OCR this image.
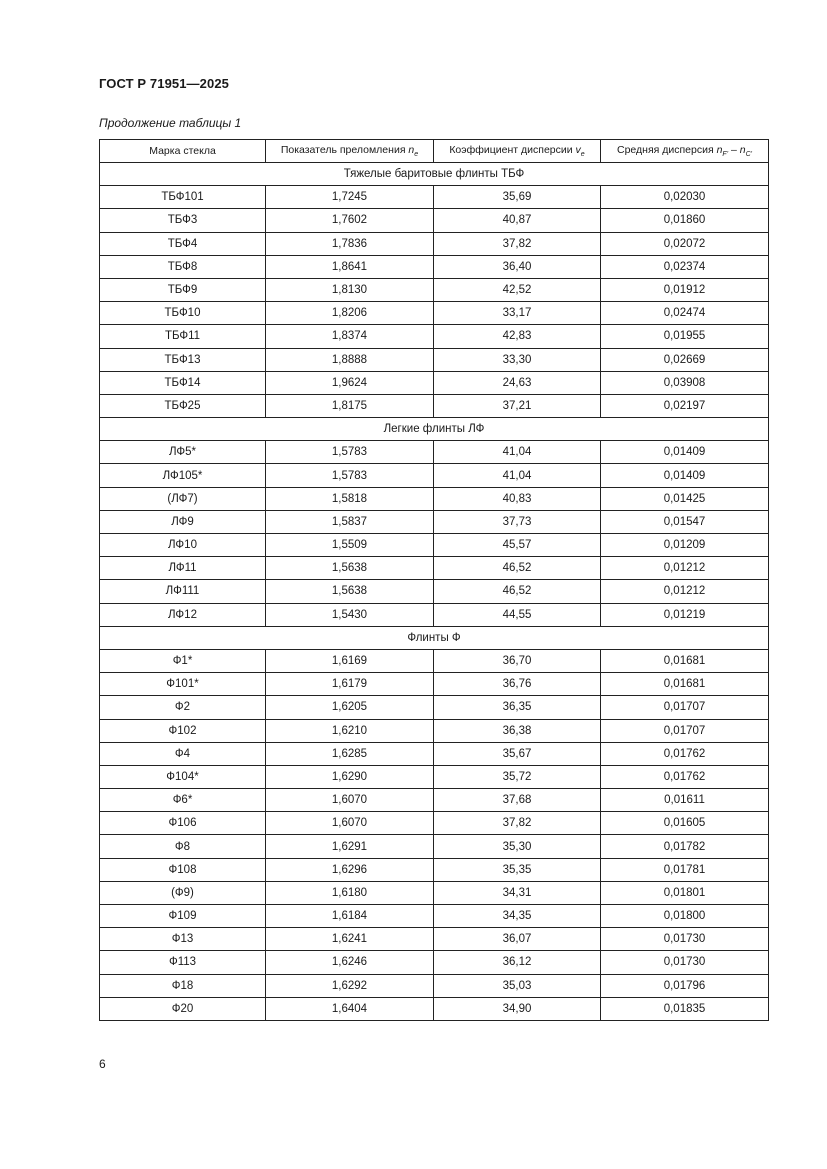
ГОСТ Р 71951—2025
Продолжение таблицы 1
Марка стекла	Показатель преломления $n_e$	Коэффициент дисперсии $v_e$	Средняя дисперсия $n_{F'} - n_{C'}$
Тяжелые баритовые флинты ТБФ			
ТБФ101	1,7245	35,69	0,02030
ТБФ3	1,7602	40,87	0,01860
ТБФ4	1,7836	37,82	0,02072
ТБФ8	1,8641	36,40	0,02374
ТБФ9	1,8130	42,52	0,01912
ТБФ10	1,8206	33,17	0,02474
ТБФ11	1,8374	42,83	0,01955
ТБФ13	1,8888	33,30	0,02669
ТБФ14	1,9624	24,63	0,03908
ТБФ25	1,8175	37,21	0,02197
Легкие флинты ЛФ			
ЛФ5*	1,5783	41,04	0,01409
ЛФ105*	1,5783	41,04	0,01409
(ЛФ7)	1,5818	40,83	0,01425
ЛФ9	1,5837	37,73	0,01547
ЛФ10	1,5509	45,57	0,01209
ЛФ11	1,5638	46,52	0,01212
ЛФ111	1,5638	46,52	0,01212
ЛФ12	1,5430	44,55	0,01219
Флинты Ф			
Ф1*	1,6169	36,70	0,01681
Ф101*	1,6179	36,76	0,01681
Ф2	1,6205	36,35	0,01707
Ф102	1,6210	36,38	0,01707
Ф4	1,6285	35,67	0,01762
Ф104*	1,6290	35,72	0,01762
Ф6*	1,6070	37,68	0,01611
Ф106	1,6070	37,82	0,01605
Ф8	1,6291	35,30	0,01782
Ф108	1,6296	35,35	0,01781
(Ф9)	1,6180	34,31	0,01801
Ф109	1,6184	34,35	0,01800
Ф13	1,6241	36,07	0,01730
Ф113	1,6246	36,12	0,01730
Ф18	1,6292	35,03	0,01796
Ф20	1,6404	34,90	0,01835
6
